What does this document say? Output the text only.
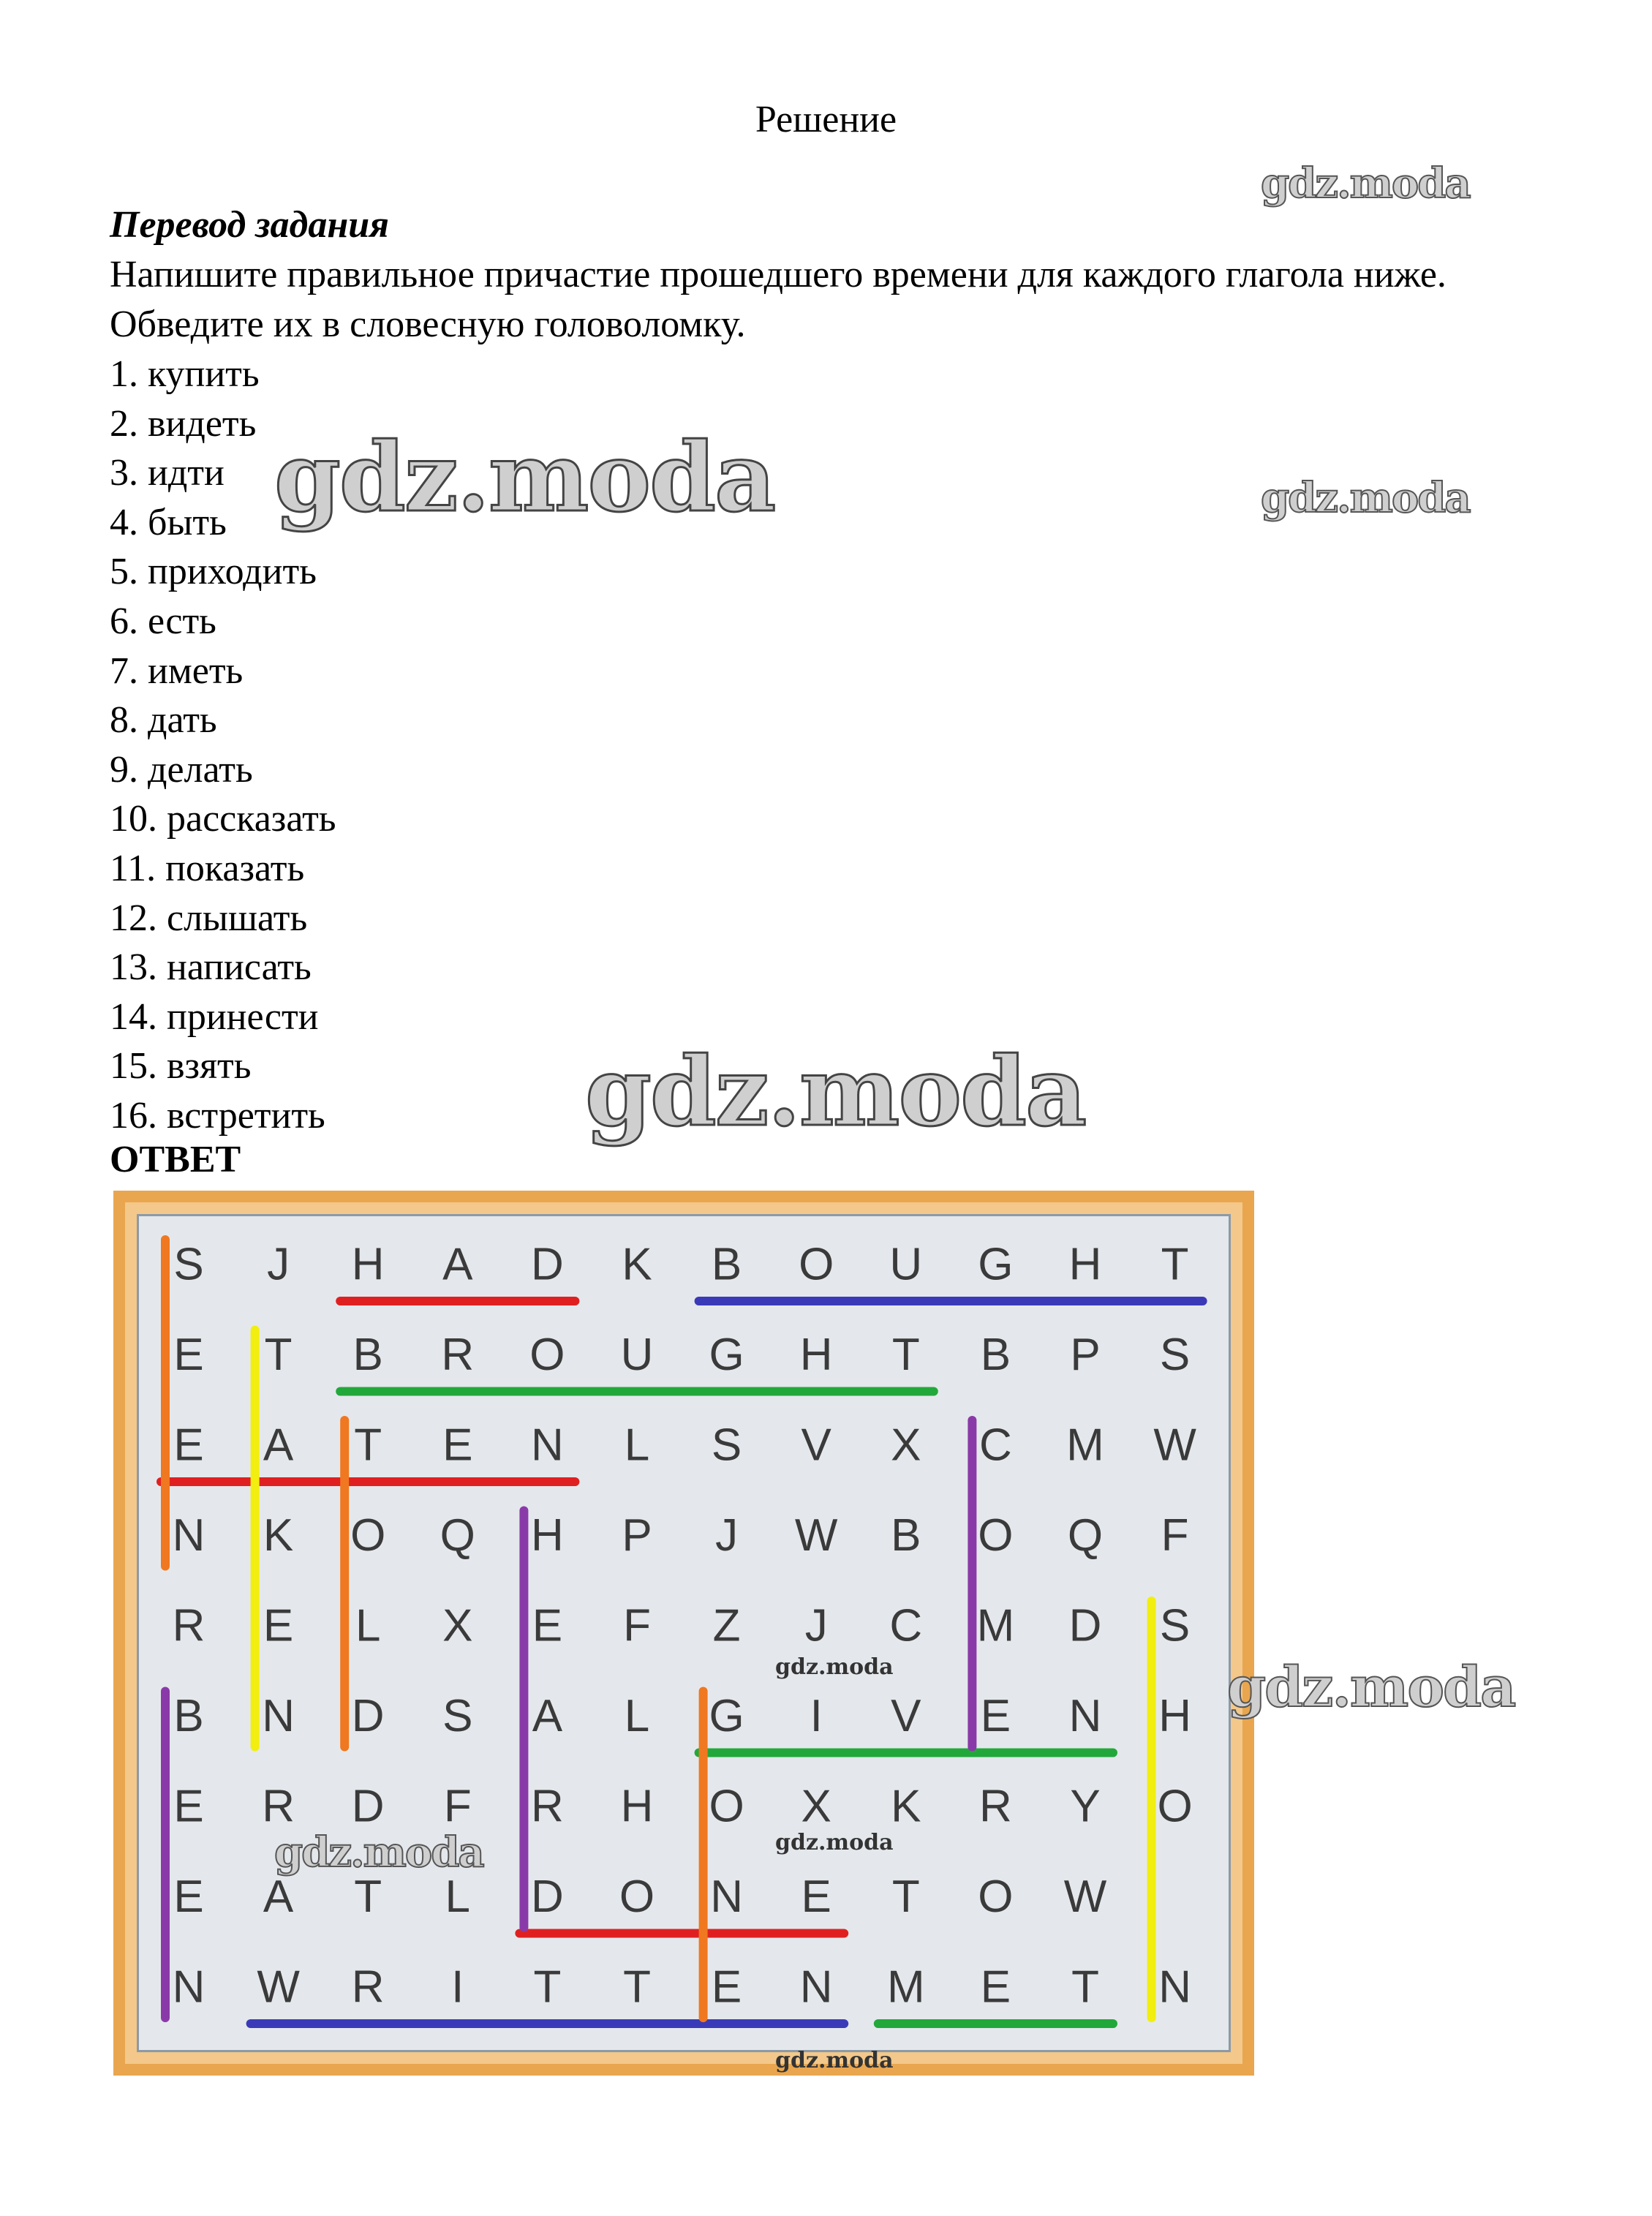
Решение
Перевод задания
Напишите правильное причастие прошедшего времени для каждого глагола ниже. Обведите их в словесную головоломку.
1. купить
2. видеть
3. идти
4. быть
5. приходить
6. есть
7. иметь
8. дать
9. делать
10. рассказать
11. показать
12. слышать
13. написать
14. принести
15. взять
16. встретить
ОТВЕТ
S J H A D K B O U G H T
E T B R O U G H T B P S
E A T E N L S V X C M W
N K O Q H P J W B O Q F
R E L X E F Z J C M D S
B N D S A L G I V E N H
E R D F R H O X K R Y O
E A T L D O N E T O W
N W R I T T E N M E T N
gdz.moda
gdz.moda	gdz.moda
gdz.moda
gdz.moda
gdz.moda
gdz.moda
gdz.moda
gdz.moda
